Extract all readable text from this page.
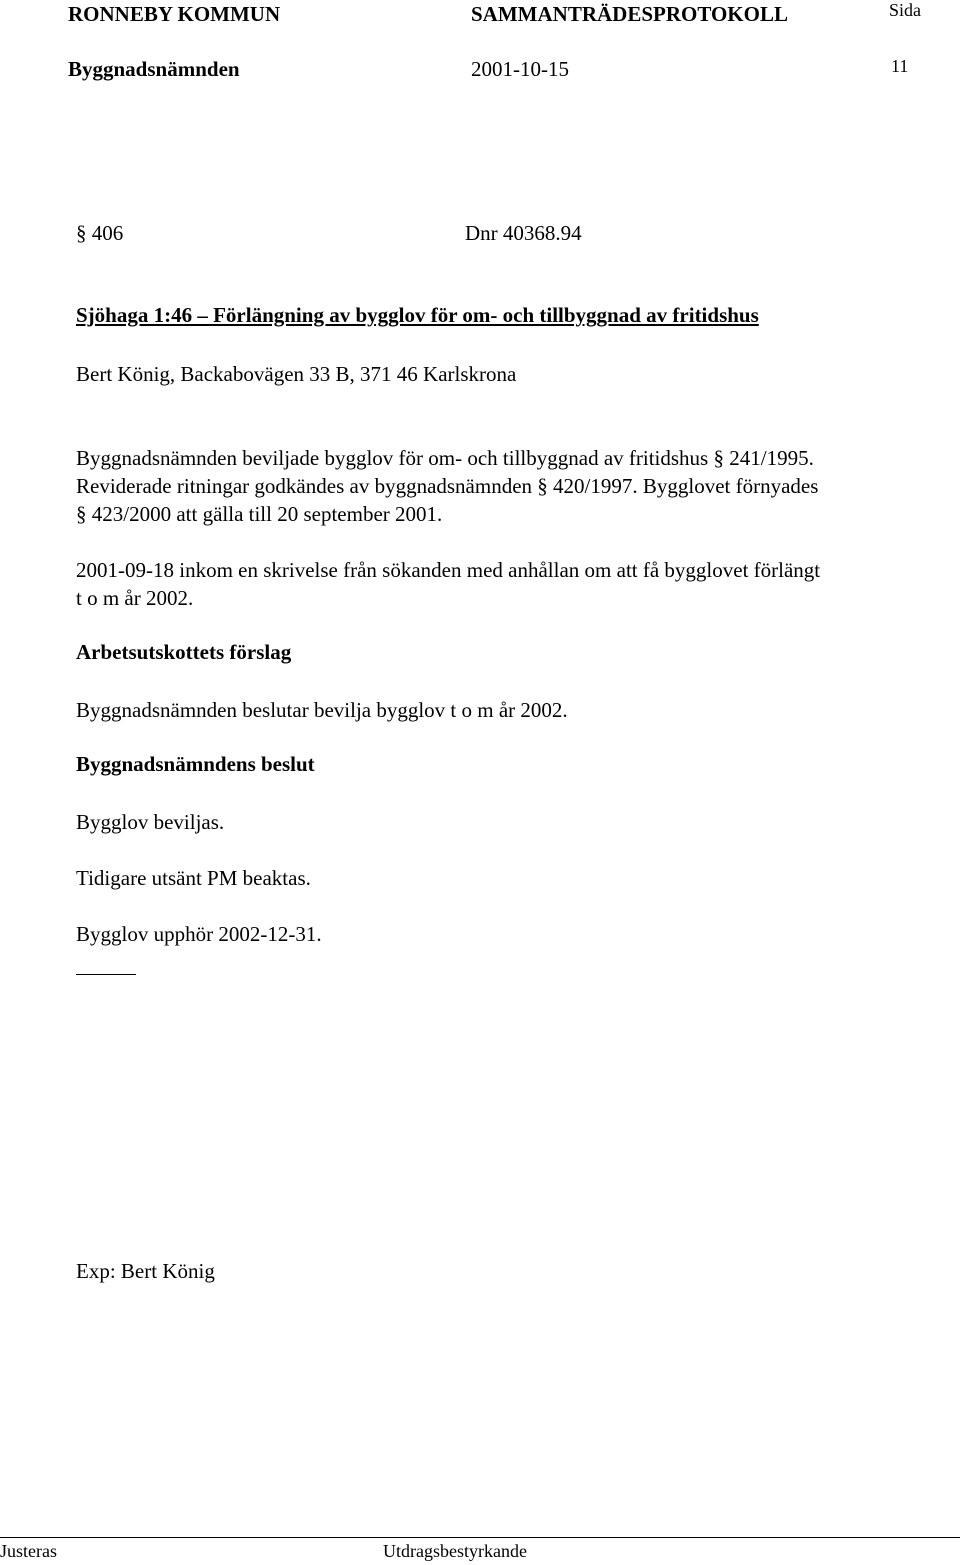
RONNEBY KOMMUN	SAMMANTRÄDESPROTOKOLL	Sida
Byggnadsnämnden	2001-10-15	11
§ 406	Dnr 40368.94
Sjöhaga 1:46 – Förlängning av bygglov för om- och tillbyggnad av fritidshus
Bert König, Backabovägen 33 B, 371 46 Karlskrona
Byggnadsnämnden beviljade bygglov för om- och tillbyggnad av fritidshus § 241/1995.
Reviderade ritningar godkändes av byggnadsnämnden § 420/1997. Bygglovet förnyades
§ 423/2000 att gälla till 20 september 2001.
2001-09-18 inkom en skrivelse från sökanden med anhållan om att få bygglovet förlängt
t o m år 2002.
Arbetsutskottets förslag
Byggnadsnämnden beslutar bevilja bygglov t o m år 2002.
Byggnadsnämndens beslut
Bygglov beviljas.
Tidigare utsänt PM beaktas.
Bygglov upphör 2002-12-31.
Exp: Bert König
Justeras	Utdragsbestyrkande
